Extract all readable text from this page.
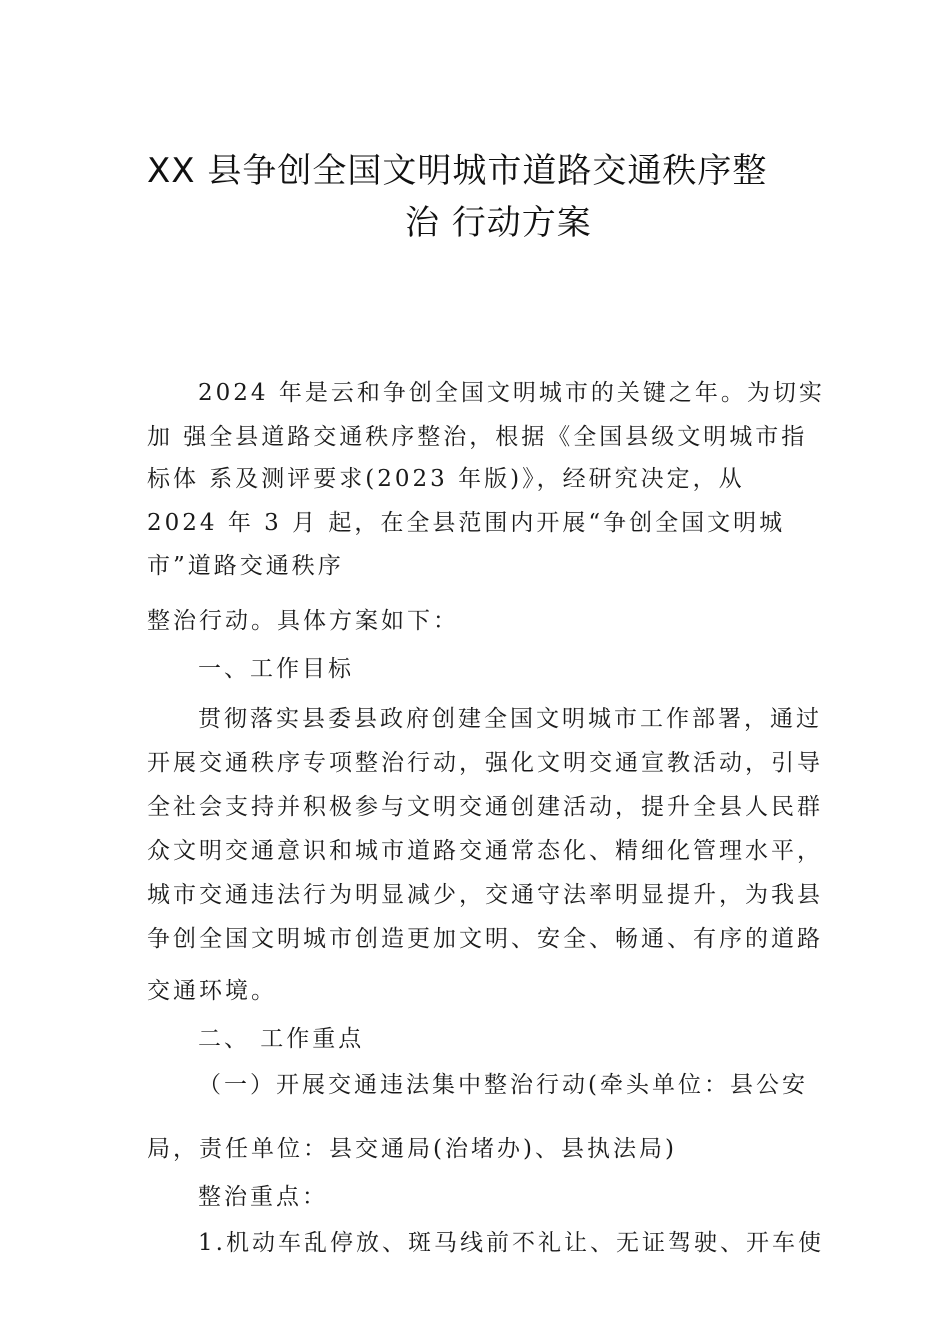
XX 县争创全国文明城市道路交通秩序整
治 行动方案
2024 年是云和争创全国文明城市的关键之年。为切实
加 强全县道路交通秩序整治，根据《全国县级文明城市指
标体 系及测评要求(2023 年版)》，经研究决定，从
2024 年 3 月 起，在全县范围内开展“争创全国文明城
市”道路交通秩序
整治行动。具体方案如下：
一、工作目标
贯彻落实县委县政府创建全国文明城市工作部署，通过
开展交通秩序专项整治行动，强化文明交通宣教活动，引导
全社会支持并积极参与文明交通创建活动，提升全县人民群
众文明交通意识和城市道路交通常态化、精细化管理水平，
城市交通违法行为明显减少，交通守法率明显提升，为我县
争创全国文明城市创造更加文明、安全、畅通、有序的道路
交通环境。
二、 工作重点
（一）开展交通违法集中整治行动(牵头单位：县公安
局，责任单位：县交通局(治堵办)、县执法局)
整治重点：
1.机动车乱停放、斑马线前不礼让、无证驾驶、开车使
